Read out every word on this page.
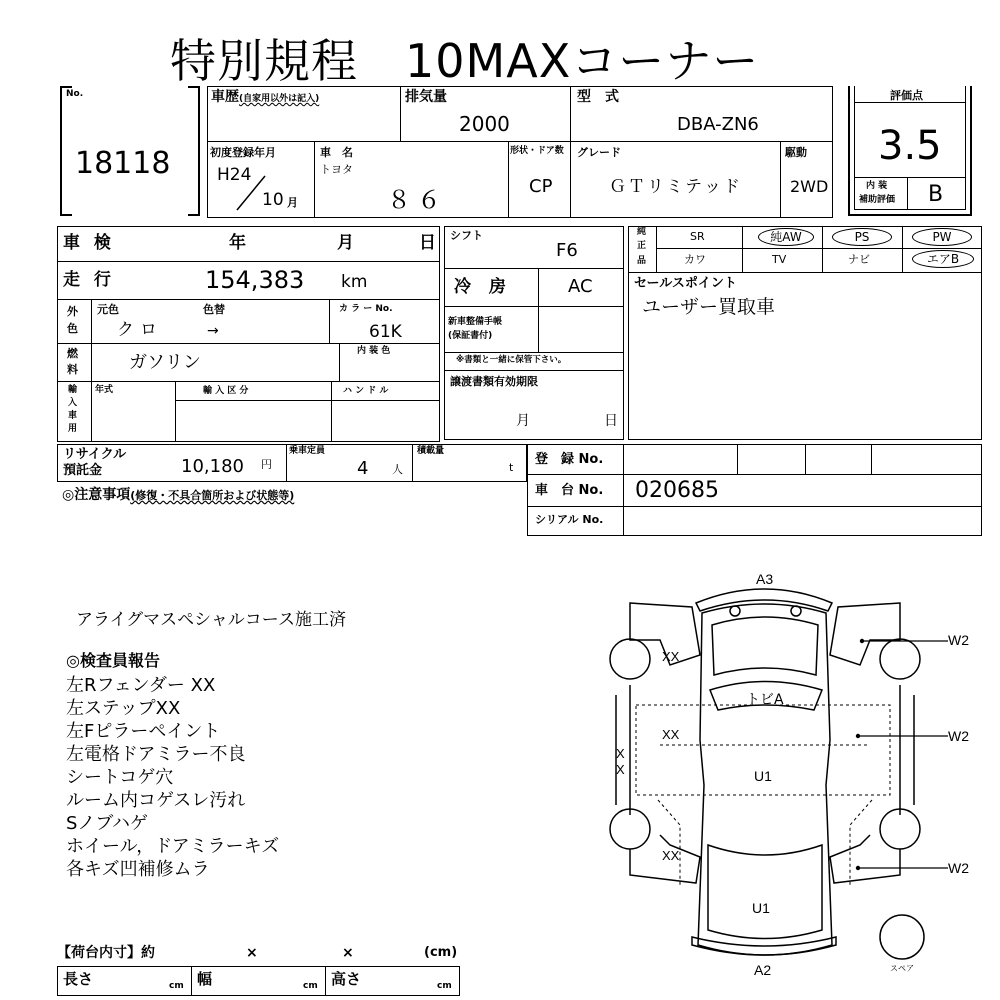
特別規程　10MAXコーナー
No.
18118
車歴(自家用以外は記入)	排気量
2000
型　式
DBA-ZN6
初度登録年月
H24
10 月
車　名
トヨタ
８６
形状・ドア数
CP
グレード
ＧＴリミテッド
駆動
2WD
評価点
3.5
内 装
補助評価 B
車 検	年	月	日
走 行	154,383 km
外
色
元色
クロ
色替
→
カ ラ ー No.
61K
燃
料	ガソリン
内 装 色
輸
入
車
用
年式	輸 入 区 分	ハ ン ド ル
リサイクル
預託金	10,180 円
乗車定員
4 人
積載量
t
◎注意事項(修復・不具合箇所および状態等)
シフト
F6
冷 房	AC
新車整備手帳
(保証書付)
※書類と一緒に保管下さい。
譲渡書類有効期限
月	日
純
正
品
SR	純AW	PS	PW
カワ	TV	ナビ	エアB
セールスポイント
ユーザー買取車
登　録 No.
車　台 No. 020685
シリアル No.
アライグマスペシャルコース施工済
◎検査員報告
左Rフェンダー XX
左ステップXX
左Fピラーペイント
左電格ドアミラー不良
シートコゲ穴
ルーム内コゲスレ汚れ
Sノブハゲ
ホイール，ドアミラーキズ
各キズ凹補修ムラ
【荷台内寸】約	×	×	(cm)
長さ	cm 幅	cm 高さ	cm
A3
A2
トビA
U1
U1
XX
XX
X
X
XX
W2
W2
W2
スペア
